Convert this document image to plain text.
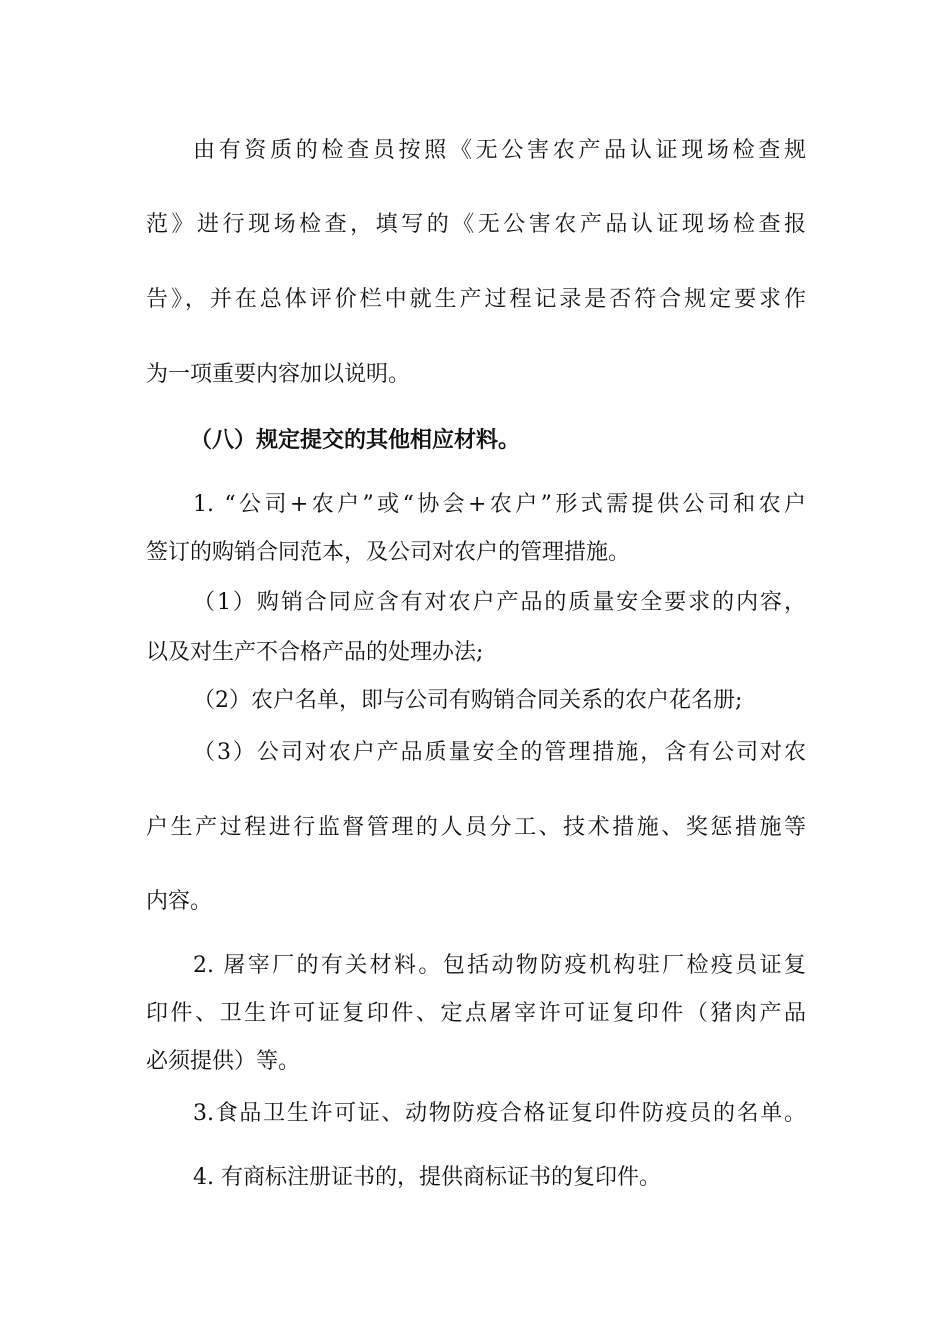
由有资质的检查员按照《无公害农产品认证现场检查规
范》进行现场检查，填写的《无公害农产品认证现场检查报
告》，并在总体评价栏中就生产过程记录是否符合规定要求作
为一项重要内容加以说明。
（八）规定提交的其他相应材料。
1. “公司+农户”或“协会+农户”形式需提供公司和农户
签订的购销合同范本，及公司对农户的管理措施。
（1）购销合同应含有对农户产品的质量安全要求的内容，
以及对生产不合格产品的处理办法;
（2）农户名单，即与公司有购销合同关系的农户花名册;
（3）公司对农户产品质量安全的管理措施，含有公司对农
户生产过程进行监督管理的人员分工、技术措施、奖惩措施等
内容。
2. 屠宰厂的有关材料。包括动物防疫机构驻厂检疫员证复
印件、卫生许可证复印件、定点屠宰许可证复印件（猪肉产品
必须提供）等。
3.食品卫生许可证、动物防疫合格证复印件防疫员的名单。
4. 有商标注册证书的，提供商标证书的复印件。
